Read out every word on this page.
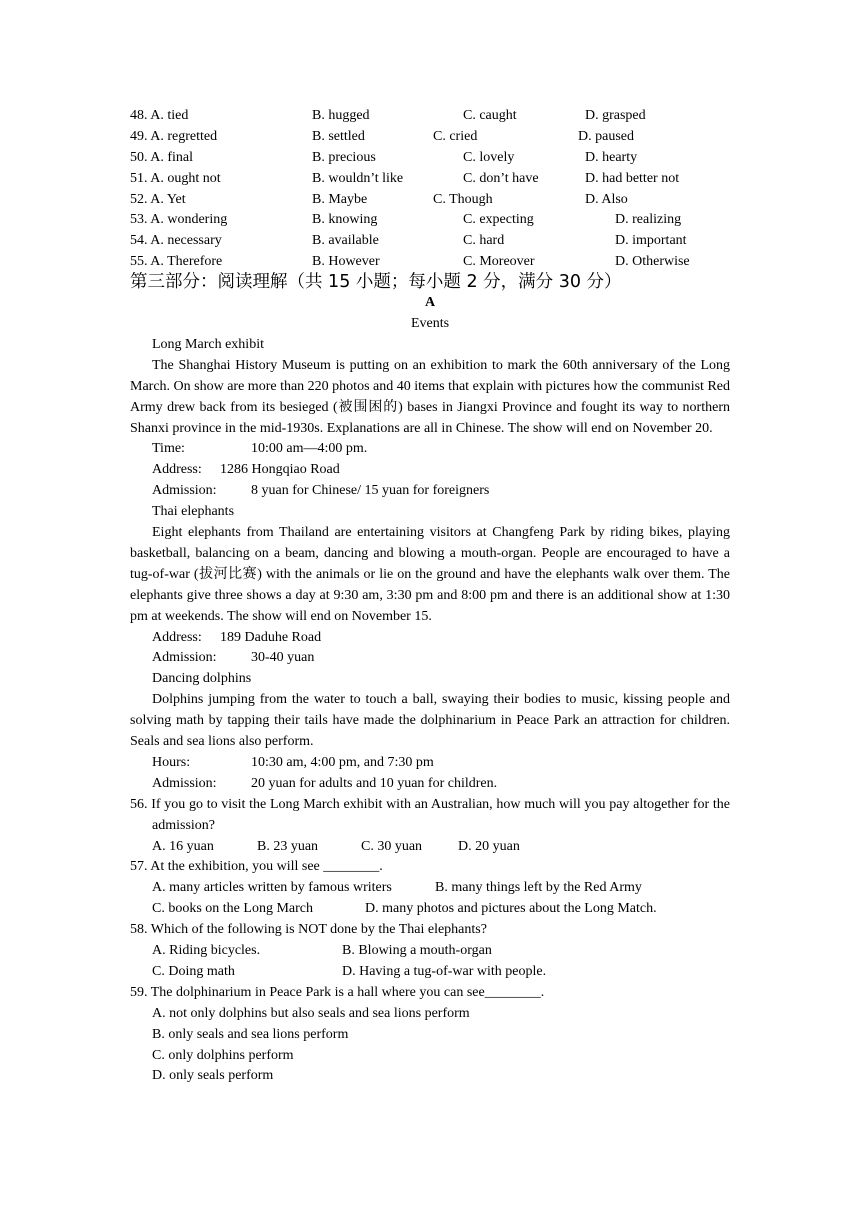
48. A. tied	B. hugged	C. caught	D. grasped
49. A. regretted	B. settled	C. cried	D. paused
50. A. final	B. precious	C. lovely	D. hearty
51. A. ought not	B. wouldn’t like	C. don’t have	D. had better not
52. A. Yet	B. Maybe	C. Though	D. Also
53. A. wondering	B. knowing	C. expecting	D. realizing
54. A. necessary	B. available	C. hard	D. important
55. A. Therefore	B. However	C. Moreover	D. Otherwise
第三部分：阅读理解（共 15 小题；每小题 2 分，满分 30 分）
A
Events
Long March exhibit
The Shanghai History Museum is putting on an exhibition to mark the 60th anniversary of the Long March. On show are more than 220 photos and 40 items that explain with pictures how the communist Red Army drew back from its besieged (被围困的) bases in Jiangxi Province and fought its way to northern Shanxi province in the mid-1930s. Explanations are all in Chinese. The show will end on November 20.
Time:	10:00 am—4:00 pm.
Address: 1286 Hongqiao Road
Admission: 8 yuan for Chinese/ 15 yuan for foreigners
Thai elephants
Eight elephants from Thailand are entertaining visitors at Changfeng Park by riding bikes, playing basketball, balancing on a beam, dancing and blowing a mouth-organ. People are encouraged to have a tug-of-war (拔河比赛) with the animals or lie on the ground and have the elephants walk over them. The elephants give three shows a day at 9:30 am, 3:30 pm and 8:00 pm and there is an additional show at 1:30 pm at weekends. The show will end on November 15.
Address: 189 Daduhe Road
Admission: 30-40 yuan
Dancing dolphins
Dolphins jumping from the water to touch a ball, swaying their bodies to music, kissing people and solving math by tapping their tails have made the dolphinarium in Peace Park an attraction for children. Seals and sea lions also perform.
Hours:	10:30 am, 4:00 pm, and 7:30 pm
Admission: 20 yuan for adults and 10 yuan for children.
56. If you go to visit the Long March exhibit with an Australian, how much will you pay altogether for the admission?
A. 16 yuan	B. 23 yuan	C. 30 yuan	D. 20 yuan
57. At the exhibition, you will see ________.
A. many articles written by famous writers	B. many things left by the Red Army
C. books on the Long March	D. many photos and pictures about the Long Match.
58. Which of the following is NOT done by the Thai elephants?
A. Riding bicycles.	B. Blowing a mouth-organ
C. Doing math	D. Having a tug-of-war with people.
59. The dolphinarium in Peace Park is a hall where you can see________.
A. not only dolphins but also seals and sea lions perform
B. only seals and sea lions perform
C. only dolphins perform
D. only seals perform
